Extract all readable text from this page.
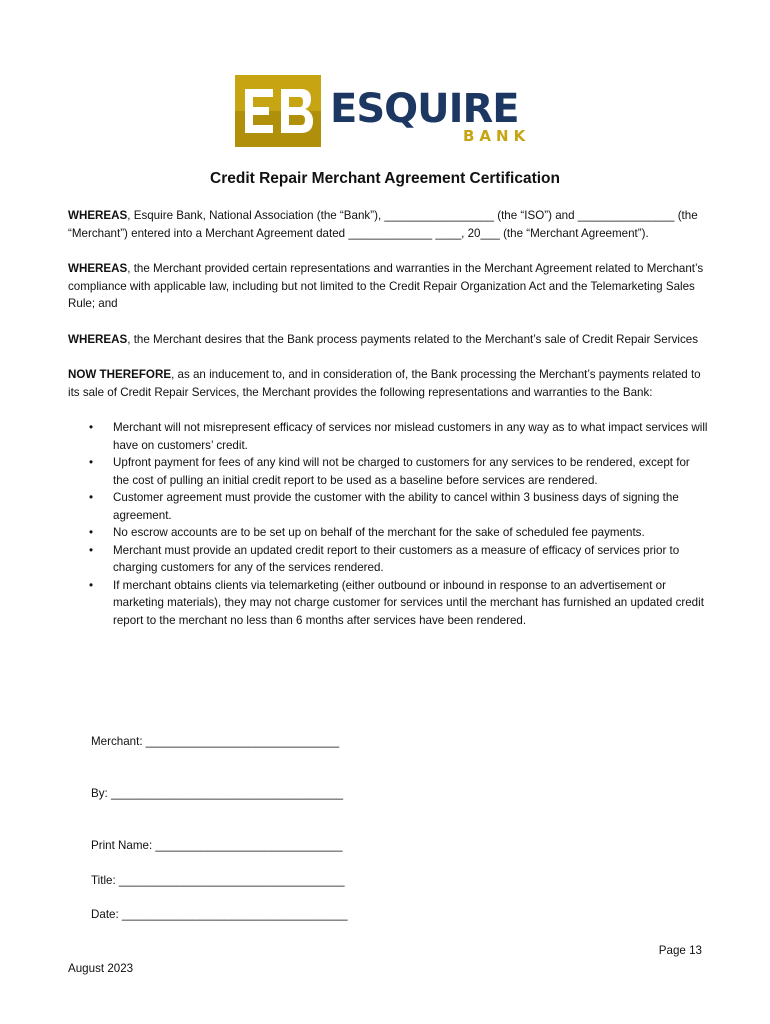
ESQUIRE
BANK
Credit Repair Merchant Agreement Certification

WHEREAS, Esquire Bank, National Association (the “Bank”), _________________ (the “ISO”) and _______________ (the “Merchant”) entered into a Merchant Agreement dated _____________ ____, 20___ (the “Merchant Agreement”).

WHEREAS, the Merchant provided certain representations and warranties in the Merchant Agreement related to Merchant’s compliance with applicable law, including but not limited to the Credit Repair Organization Act and the Telemarketing Sales Rule; and

WHEREAS, the Merchant desires that the Bank process payments related to the Merchant’s sale of Credit Repair Services

NOW THEREFORE, as an inducement to, and in consideration of, the Bank processing the Merchant’s payments related to its sale of Credit Repair Services, the Merchant provides the following representations and warranties to the Bank:

• Merchant will not misrepresent efficacy of services nor mislead customers in any way as to what impact services will have on customers’ credit.
• Upfront payment for fees of any kind will not be charged to customers for any services to be rendered, except for the cost of pulling an initial credit report to be used as a baseline before services are rendered.
• Customer agreement must provide the customer with the ability to cancel within 3 business days of signing the agreement.
• No escrow accounts are to be set up on behalf of the merchant for the sake of scheduled fee payments.
• Merchant must provide an updated credit report to their customers as a measure of efficacy of services prior to charging customers for any of the services rendered.
• If merchant obtains clients via telemarketing (either outbound or inbound in response to an advertisement or marketing materials), they may not charge customer for services until the merchant has furnished an updated credit report to the merchant no less than 6 months after services have been rendered.
Merchant: ______________________________
By: ____________________________________
Print Name: _____________________________
Title: ___________________________________
Date: ___________________________________
Page 13
August 2023
